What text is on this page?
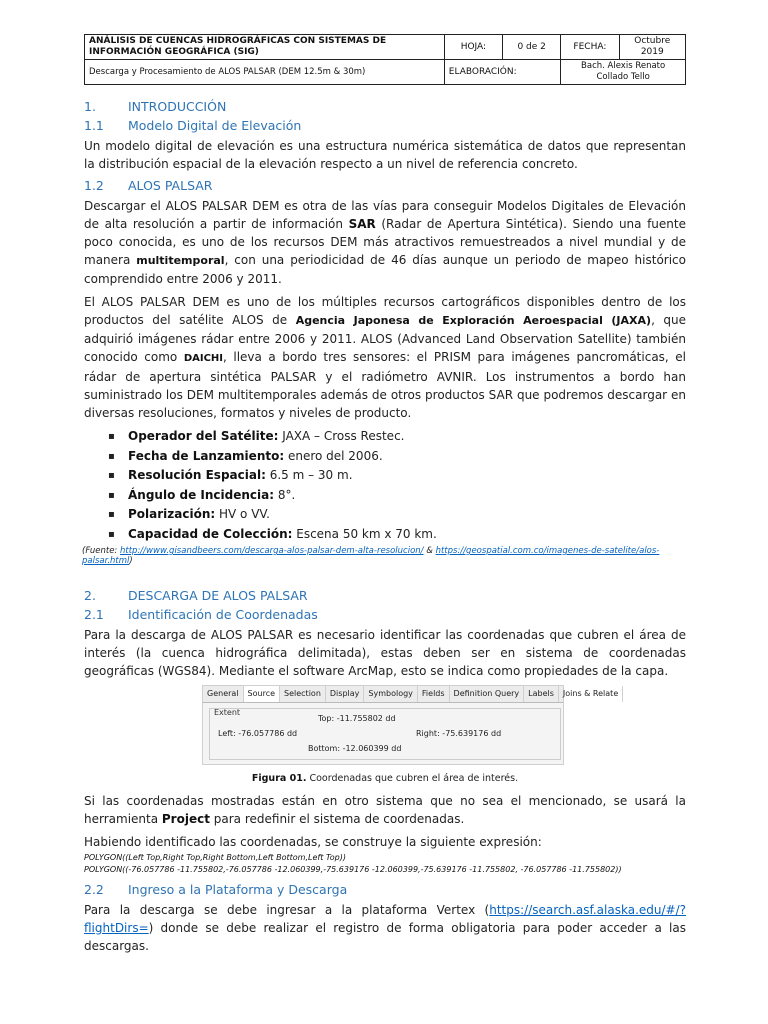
ANÁLISIS DE CUENCAS HIDROGRÁFICAS CON SISTEMAS DE INFORMACIÓN GEOGRÁFICA (SIG)	HOJA:	0 de 2	FECHA:	Octubre 2019
Descarga y Procesamiento de ALOS PALSAR (DEM 12.5m & 30m)	ELABORACIÓN:		Bach. Alexis Renato Collado Tello	
1.	INTRODUCCIÓN
1.1	Modelo Digital de Elevación

Un modelo digital de elevación es una estructura numérica sistemática de datos que representan la distribución espacial de la elevación respecto a un nivel de referencia concreto.

1.2	ALOS PALSAR

Descargar el ALOS PALSAR DEM es otra de las vías para conseguir Modelos Digitales de Elevación de alta resolución a partir de información SAR (Radar de Apertura Sintética). Siendo una fuente poco conocida, es uno de los recursos DEM más atractivos remuestreados a nivel mundial y de manera multitemporal, con una periodicidad de 46 días aunque un periodo de mapeo histórico comprendido entre 2006 y 2011.

El ALOS PALSAR DEM es uno de los múltiples recursos cartográficos disponibles dentro de los productos del satélite ALOS de Agencia Japonesa de Exploración Aeroespacial (JAXA), que adquirió imágenes rádar entre 2006 y 2011. ALOS (Advanced Land Observation Satellite) también conocido como DAICHI, lleva a bordo tres sensores: el PRISM para imágenes pancromáticas, el rádar de apertura sintética PALSAR y el radiómetro AVNIR. Los instrumentos a bordo han suministrado los DEM multitemporales además de otros productos SAR que podremos descargar en diversas resoluciones, formatos y niveles de producto.

▪ Operador del Satélite: JAXA – Cross Restec.
▪ Fecha de Lanzamiento: enero del 2006.
▪ Resolución Espacial: 6.5 m – 30 m.
▪ Ángulo de Incidencia: 8°.
▪ Polarización: HV o VV.
▪ Capacidad de Colección: Escena 50 km x 70 km.
(Fuente: http://www.gisandbeers.com/descarga-alos-palsar-dem-alta-resolucion/ & https://geospatial.com.co/imagenes-de-satelite/alos-palsar.html)
2.	DESCARGA DE ALOS PALSAR
2.1	Identificación de Coordenadas

Para la descarga de ALOS PALSAR es necesario identificar las coordenadas que cubren el área de interés (la cuenca hidrográfica delimitada), estas deben ser en sistema de coordenadas geográficas (WGS84). Mediante el software ArcMap, esto se indica como propiedades de la capa.

General	Source	Selection	Display	Symbology	Fields	Definition Query	Labels	Joins & Relate
Extent
Top: -11.755802 dd
Left: -76.057786 dd	Right: -75.639176 dd
Bottom: -12.060399 dd
Figura 01. Coordenadas que cubren el área de interés.

Si las coordenadas mostradas están en otro sistema que no sea el mencionado, se usará la herramienta Project para redefinir el sistema de coordenadas.

Habiendo identificado las coordenadas, se construye la siguiente expresión:

POLYGON((Left Top,Right Top,Right Bottom,Left Bottom,Left Top))
POLYGON((-76.057786 -11.755802,-76.057786 -12.060399,-75.639176 -12.060399,-75.639176 -11.755802, -76.057786 -11.755802))
2.2	Ingreso a la Plataforma y Descarga

Para la descarga se debe ingresar a la plataforma Vertex (https://search.asf.alaska.edu/#/?flightDirs=) donde se debe realizar el registro de forma obligatoria para poder acceder a las descargas.
